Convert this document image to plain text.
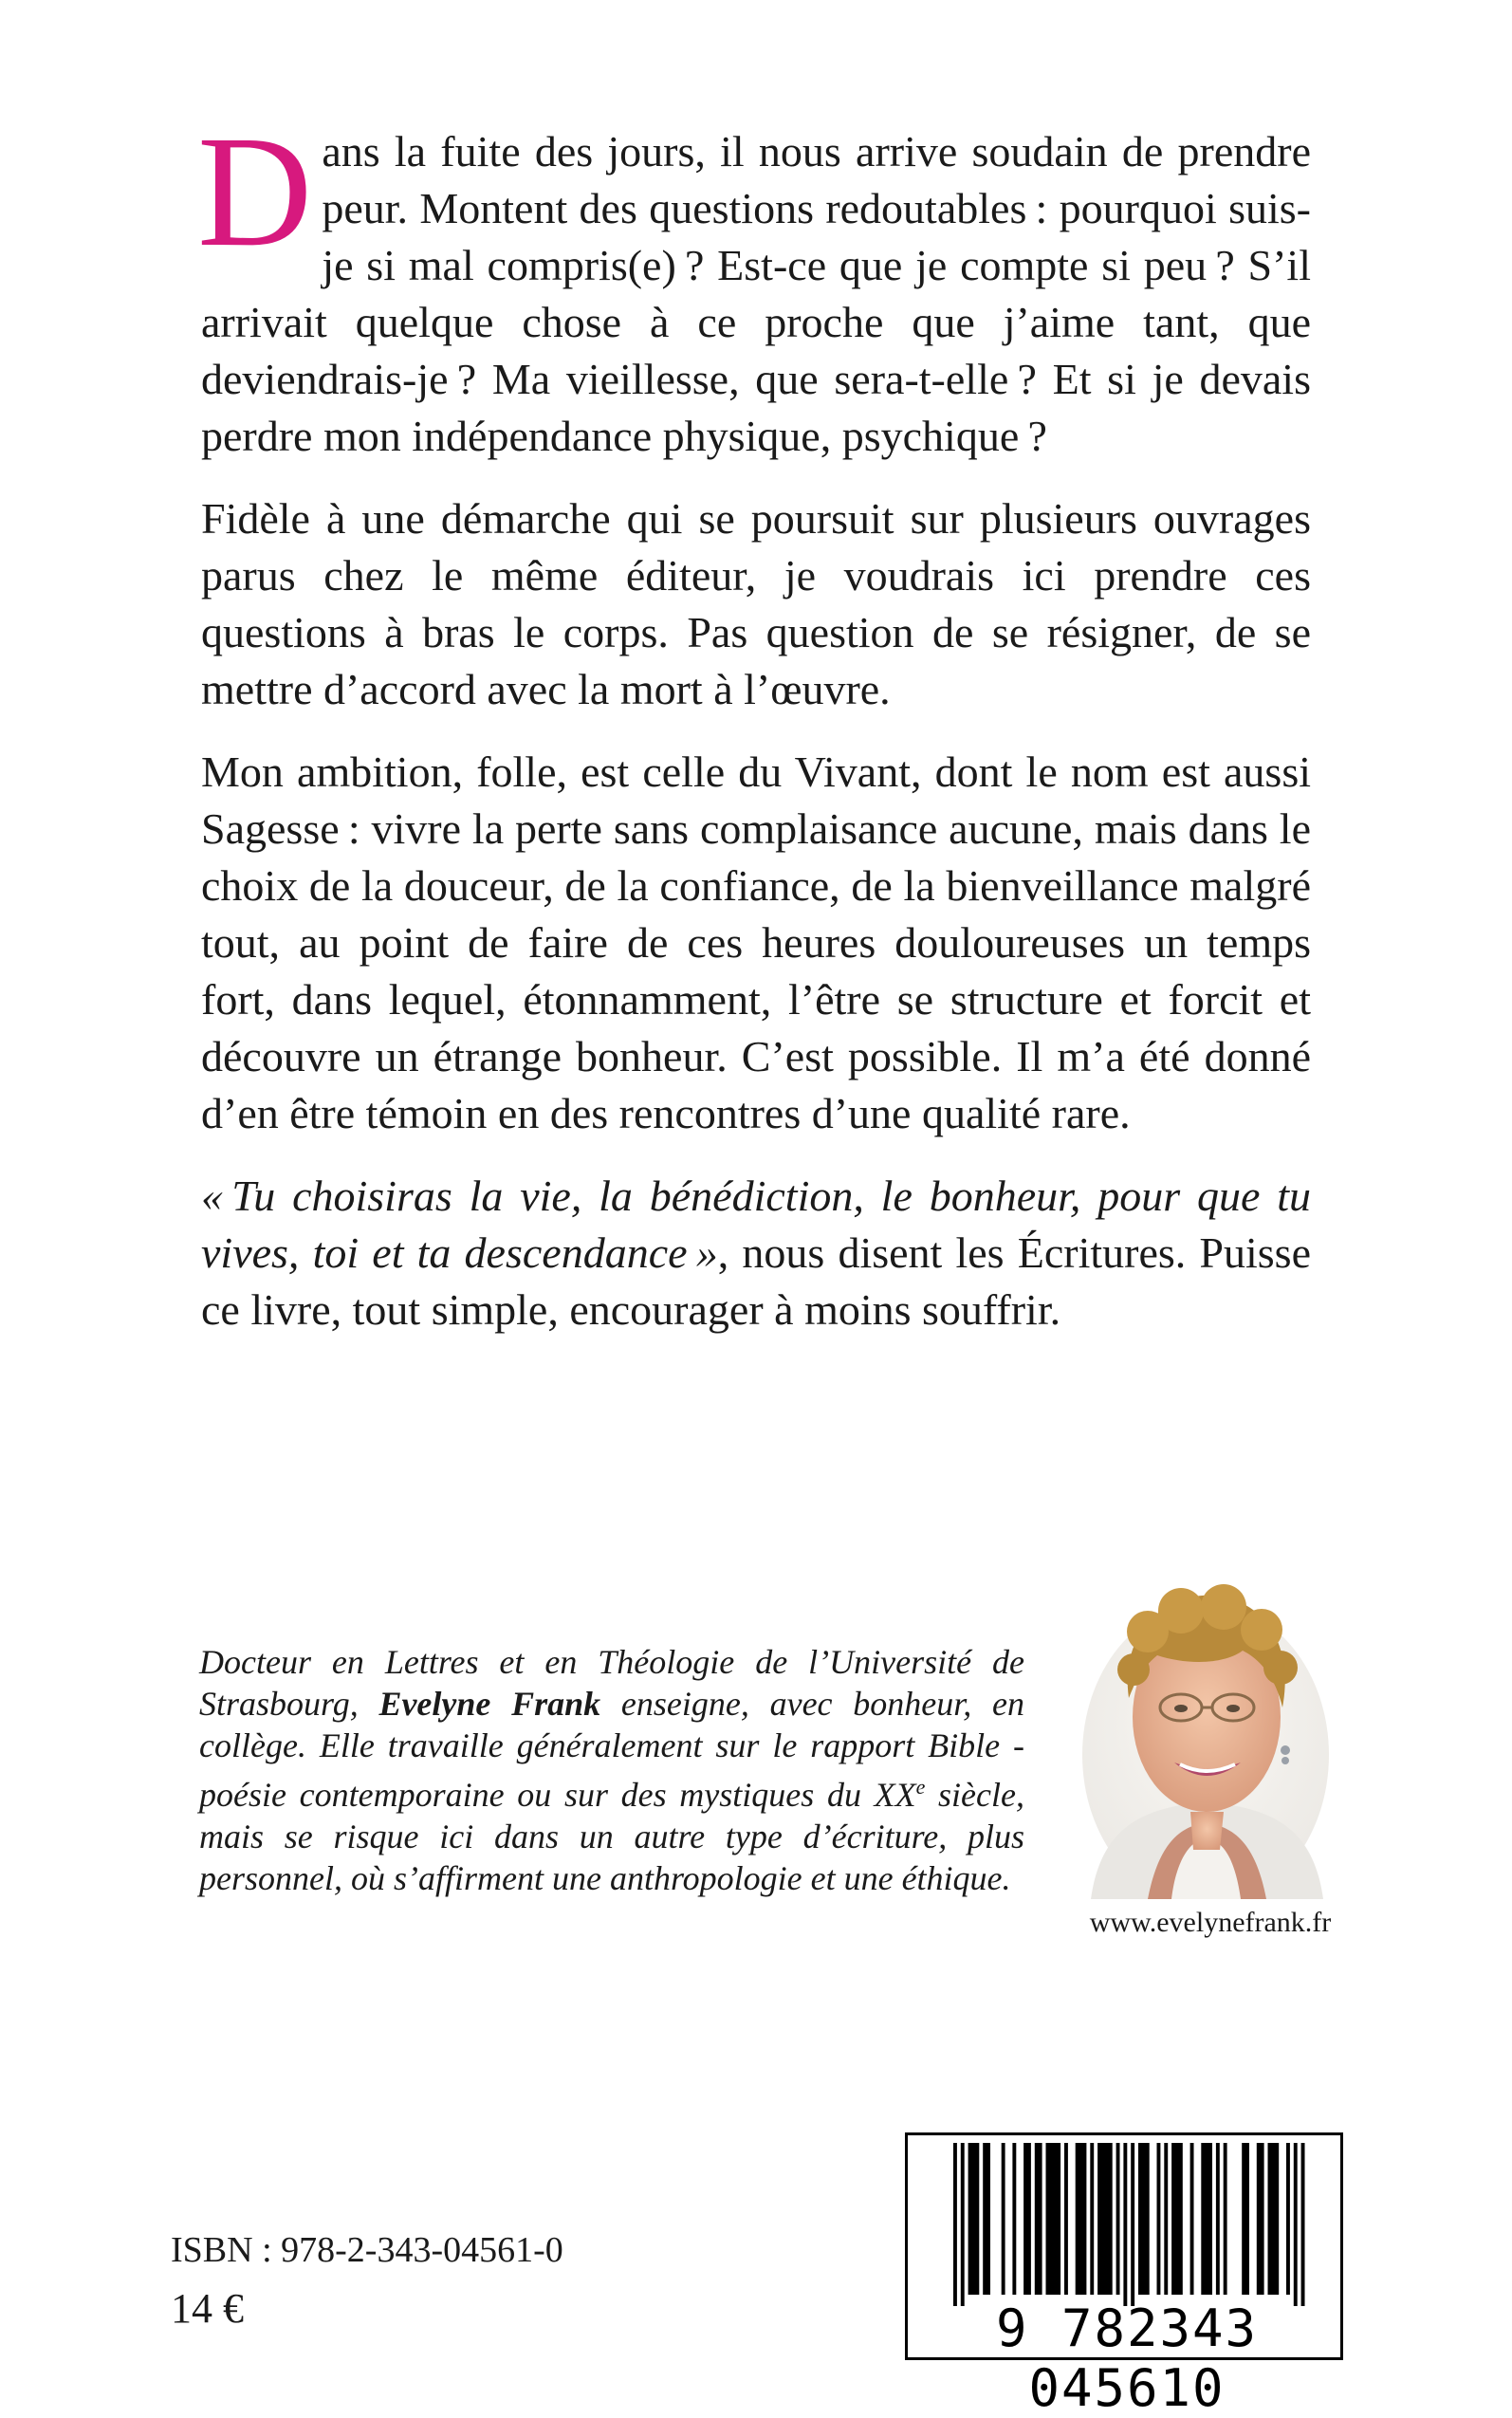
Dans la fuite des jours, il nous arrive soudain de prendre peur. Montent des questions redoutables : pourquoi suis-je si mal compris(e) ? Est-ce que je compte si peu ? S’il arrivait quelque chose à ce proche que j’aime tant, que deviendrais-je ? Ma vieillesse, que sera-t-elle ? Et si je devais perdre mon indépendance physique, psychique ?

Fidèle à une démarche qui se poursuit sur plusieurs ouvrages parus chez le même éditeur, je voudrais ici prendre ces questions à bras le corps. Pas question de se résigner, de se mettre d’accord avec la mort à l’œuvre.

Mon ambition, folle, est celle du Vivant, dont le nom est aussi Sagesse : vivre la perte sans complaisance aucune, mais dans le choix de la douceur, de la confiance, de la bienveillance malgré tout, au point de faire de ces heures douloureuses un temps fort, dans lequel, étonnamment, l’être se structure et forcit et découvre un étrange bonheur. C’est possible. Il m’a été donné d’en être témoin en des rencontres d’une qualité rare.

« Tu choisiras la vie, la bénédiction, le bonheur, pour que tu vives, toi et ta descendance », nous disent les Écritures. Puisse ce livre, tout simple, encourager à moins souffrir.

Docteur en Lettres et en Théologie de l’Université de Strasbourg, Evelyne Frank enseigne, avec bonheur, en collège. Elle travaille généralement sur le rapport Bible - poésie contemporaine ou sur des mystiques du XXe siècle, mais se risque ici dans un autre type d’écriture, plus personnel, où s’affirment une anthropologie et une éthique.

www.evelynefrank.fr
ISBN : 978-2-343-04561-0
14 €	9 782343 045610
